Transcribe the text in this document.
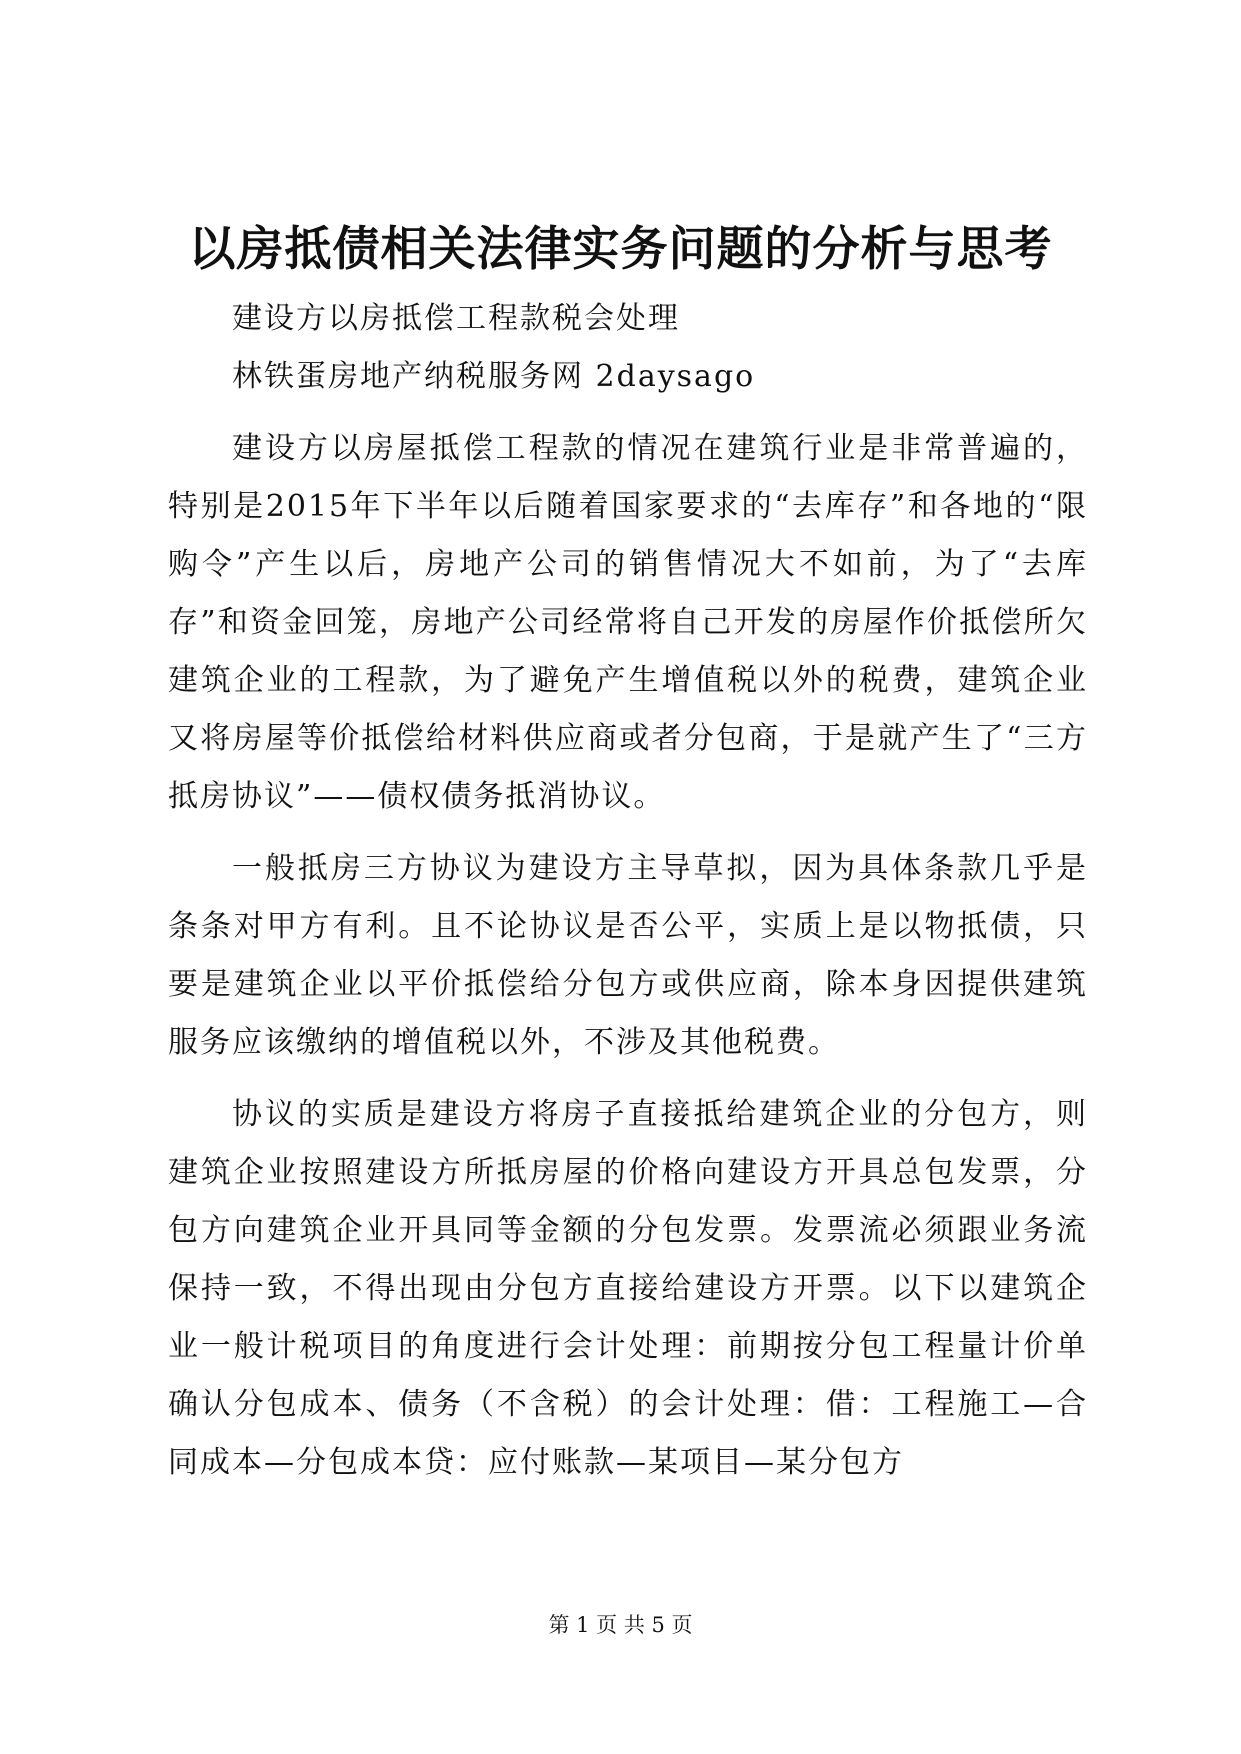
以房抵债相关法律实务问题的分析与思考

建设方以房抵偿工程款税会处理

林铁蛋房地产纳税服务网 2daysago

建设方以房屋抵偿工程款的情况在建筑行业是非常普遍的，特别是2015年下半年以后随着国家要求的“去库存”和各地的“限购令”产生以后，房地产公司的销售情况大不如前，为了“去库存”和资金回笼，房地产公司经常将自己开发的房屋作价抵偿所欠建筑企业的工程款，为了避免产生增值税以外的税费，建筑企业又将房屋等价抵偿给材料供应商或者分包商，于是就产生了“三方抵房协议”——债权债务抵消协议。

一般抵房三方协议为建设方主导草拟，因为具体条款几乎是条条对甲方有利。且不论协议是否公平，实质上是以物抵债，只要是建筑企业以平价抵偿给分包方或供应商，除本身因提供建筑服务应该缴纳的增值税以外，不涉及其他税费。

协议的实质是建设方将房子直接抵给建筑企业的分包方，则建筑企业按照建设方所抵房屋的价格向建设方开具总包发票，分包方向建筑企业开具同等金额的分包发票。发票流必须跟业务流保持一致，不得出现由分包方直接给建设方开票。以下以建筑企业一般计税项目的角度进行会计处理：前期按分包工程量计价单确认分包成本、债务（不含税）的会计处理：借：工程施工—合同成本—分包成本贷：应付账款—某项目—某分包方

第 1 页 共 5 页
